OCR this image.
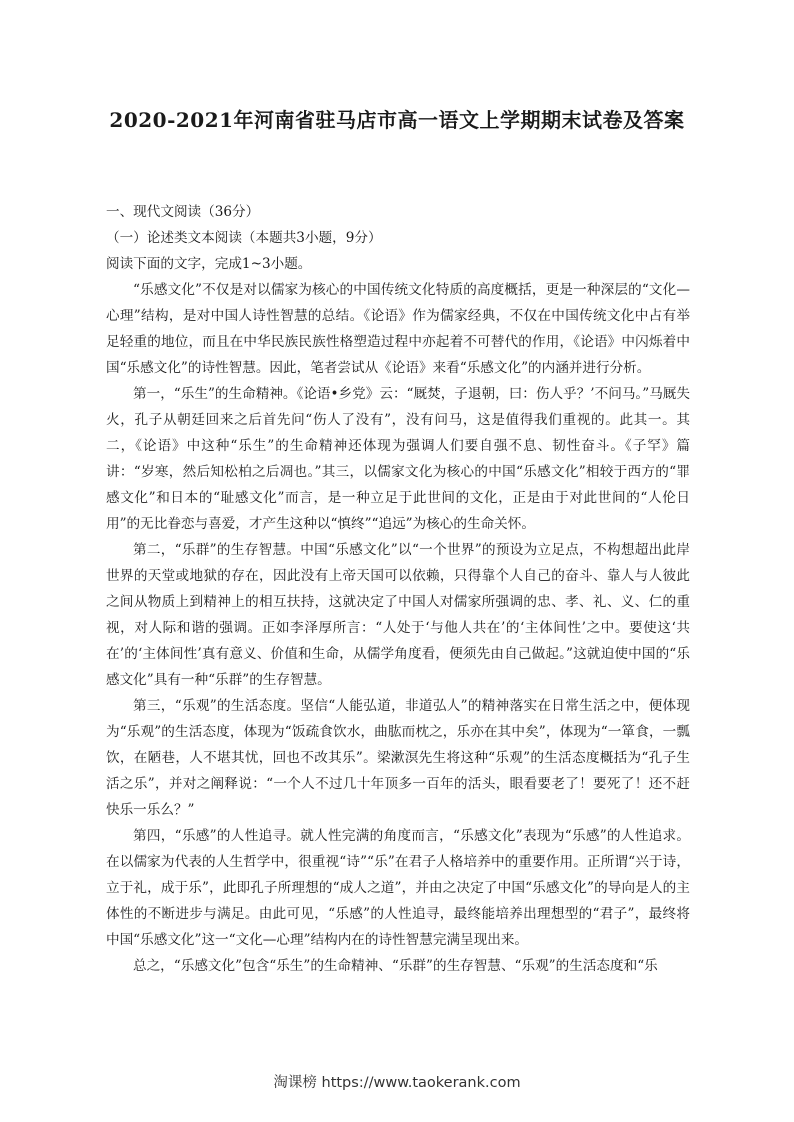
2020-2021年河南省驻马店市高一语文上学期期末试卷及答案

一、现代文阅读（36分）

（一）论述类文本阅读（本题共3小题，9分）

阅读下面的文字，完成1~3小题。

“乐感文化”不仅是对以儒家为核心的中国传统文化特质的高度概括，更是一种深层的“文化—心理”结构，是对中国人诗性智慧的总结。《论语》作为儒家经典，不仅在中国传统文化中占有举足轻重的地位，而且在中华民族民族性格塑造过程中亦起着不可替代的作用，《论语》中闪烁着中国“乐感文化”的诗性智慧。因此，笔者尝试从《论语》来看“乐感文化”的内涵并进行分析。

第一，“乐生”的生命精神。《论语•乡党》云：“厩焚，子退朝，曰：伤人乎？’不问马。”马厩失火，孔子从朝廷回来之后首先问“伤人了没有”，没有问马，这是值得我们重视的。此其一。其二，《论语》中这种“乐生”的生命精神还体现为强调人们要自强不息、韧性奋斗。《子罕》篇讲：“岁寒，然后知松柏之后凋也。”其三，以儒家文化为核心的中国“乐感文化”相较于西方的“罪感文化”和日本的“耻感文化”而言，是一种立足于此世间的文化，正是由于对此世间的“人伦日用”的无比眷恋与喜爱，才产生这种以“慎终”“追远”为核心的生命关怀。

第二，“乐群”的生存智慧。中国“乐感文化”以“一个世界”的预设为立足点，不构想超出此岸世界的天堂或地狱的存在，因此没有上帝天国可以依赖，只得靠个人自己的奋斗、靠人与人彼此之间从物质上到精神上的相互扶持，这就决定了中国人对儒家所强调的忠、孝、礼、义、仁的重视，对人际和谐的强调。正如李泽厚所言：“人处于‘与他人共在’的‘主体间性’之中。要使这‘共在’的‘主体间性’真有意义、价值和生命，从儒学角度看，便须先由自己做起。”这就迫使中国的“乐感文化”具有一种“乐群”的生存智慧。

第三，“乐观”的生活态度。坚信“人能弘道，非道弘人”的精神落实在日常生活之中，便体现为“乐观”的生活态度，体现为“饭疏食饮水，曲肱而枕之，乐亦在其中矣”，体现为“一箪食，一瓢饮，在陋巷，人不堪其忧，回也不改其乐”。梁漱溟先生将这种“乐观”的生活态度概括为“孔子生活之乐”，并对之阐释说：“一个人不过几十年顶多一百年的活头，眼看要老了！要死了！还不赶快乐一乐么？”

第四，“乐感”的人性追寻。就人性完满的角度而言，“乐感文化”表现为“乐感”的人性追求。在以儒家为代表的人生哲学中，很重视“诗”“乐”在君子人格培养中的重要作用。正所谓“兴于诗，立于礼，成于乐”，此即孔子所理想的“成人之道”，并由之决定了中国“乐感文化”的导向是人的主体性的不断进步与满足。由此可见，“乐感”的人性追寻，最终能培养出理想型的“君子”，最终将中国“乐感文化”这一“文化—心理”结构内在的诗性智慧完满呈现出来。

总之，“乐感文化”包含“乐生”的生命精神、“乐群”的生存智慧、“乐观”的生活态度和“乐

淘课榜 https://www.taokerank.com
